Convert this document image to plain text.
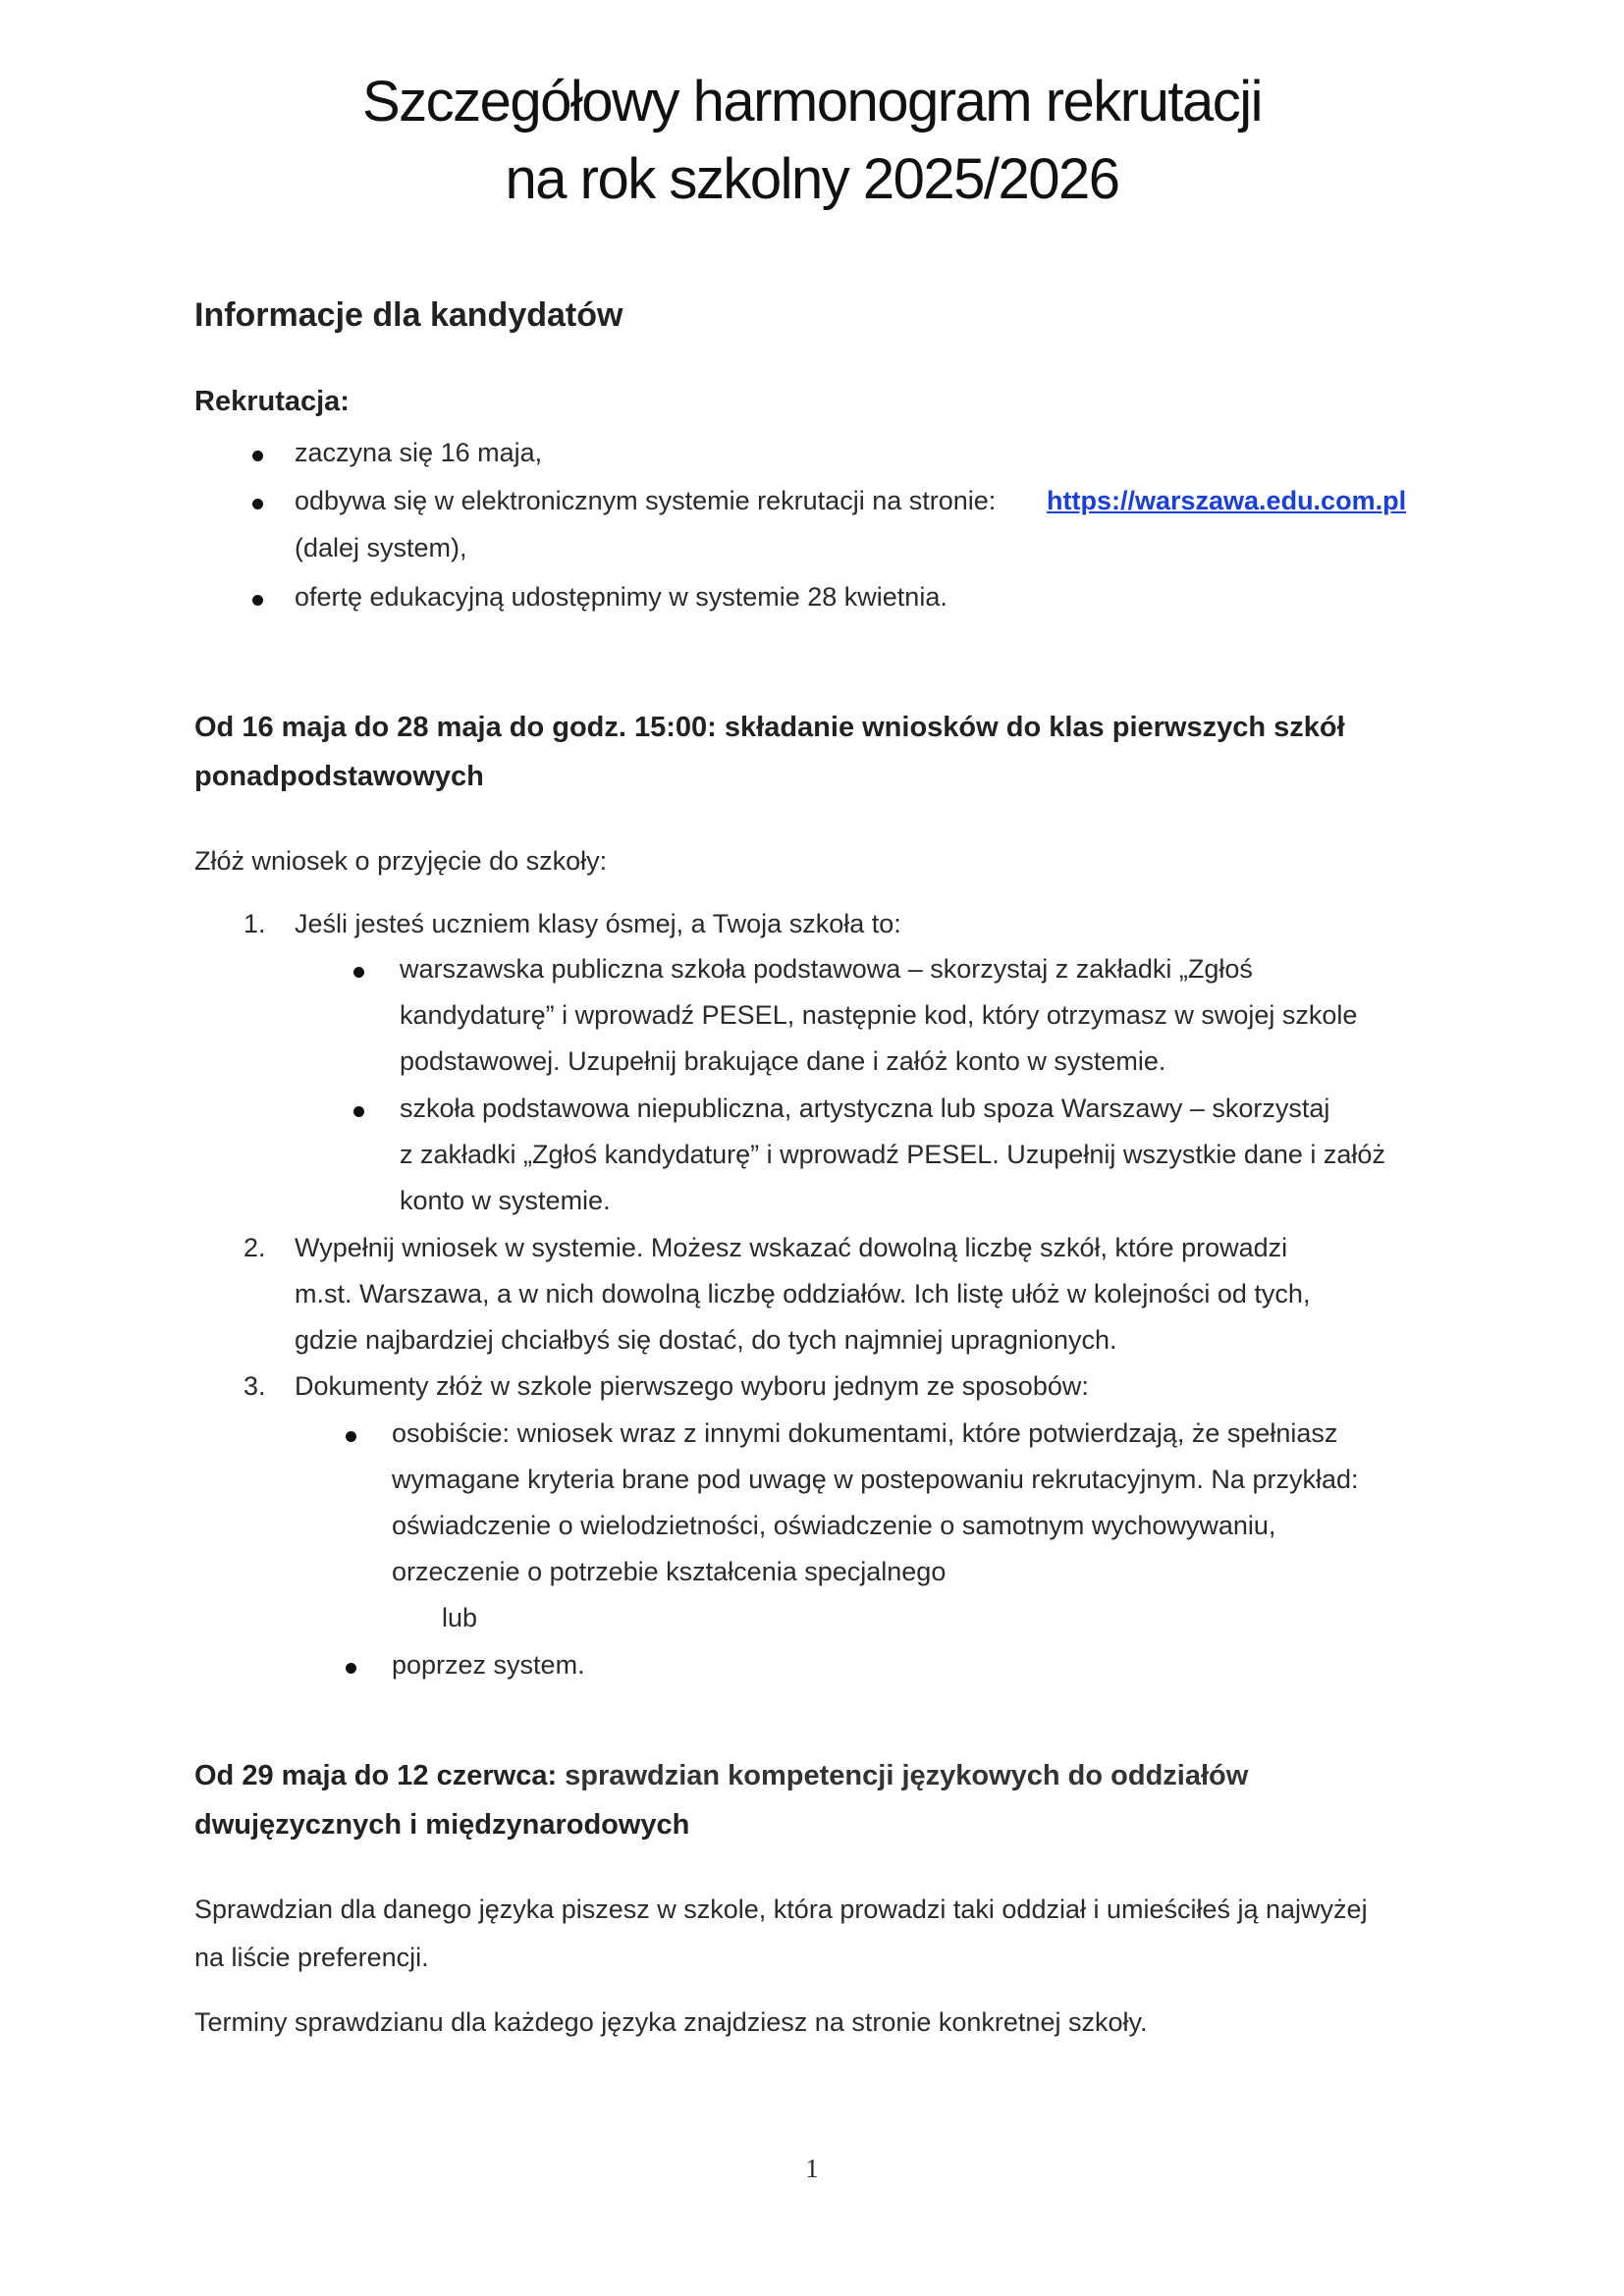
Szczegółowy harmonogram rekrutacji
na rok szkolny 2025/2026
Informacje dla kandydatów
Rekrutacja:
zaczyna się 16 maja,
odbywa się w elektronicznym systemie rekrutacji na stronie: https://warszawa.edu.com.pl
(dalej system),
ofertę edukacyjną udostępnimy w systemie 28 kwietnia.
Od 16 maja do 28 maja do godz. 15:00: składanie wniosków do klas pierwszych szkół
ponadpodstawowych
Złóż wniosek o przyjęcie do szkoły:
1. Jeśli jesteś uczniem klasy ósmej, a Twoja szkoła to:
warszawska publiczna szkoła podstawowa – skorzystaj z zakładki „Zgłoś
kandydaturę” i wprowadź PESEL, następnie kod, który otrzymasz w swojej szkole
podstawowej. Uzupełnij brakujące dane i załóż konto w systemie.
szkoła podstawowa niepubliczna, artystyczna lub spoza Warszawy – skorzystaj
z zakładki „Zgłoś kandydaturę” i wprowadź PESEL. Uzupełnij wszystkie dane i załóż
konto w systemie.
2. Wypełnij wniosek w systemie. Możesz wskazać dowolną liczbę szkół, które prowadzi
m.st. Warszawa, a w nich dowolną liczbę oddziałów. Ich listę ułóż w kolejności od tych,
gdzie najbardziej chciałbyś się dostać, do tych najmniej upragnionych.
3. Dokumenty złóż w szkole pierwszego wyboru jednym ze sposobów:
osobiście: wniosek wraz z innymi dokumentami, które potwierdzają, że spełniasz
wymagane kryteria brane pod uwagę w postepowaniu rekrutacyjnym. Na przykład:
oświadczenie o wielodzietności, oświadczenie o samotnym wychowywaniu,
orzeczenie o potrzebie kształcenia specjalnego
lub
poprzez system.
Od 29 maja do 12 czerwca: sprawdzian kompetencji językowych do oddziałów
dwujęzycznych i międzynarodowych
Sprawdzian dla danego języka piszesz w szkole, która prowadzi taki oddział i umieściłeś ją najwyżej
na liście preferencji.
Terminy sprawdzianu dla każdego języka znajdziesz na stronie konkretnej szkoły.
1
